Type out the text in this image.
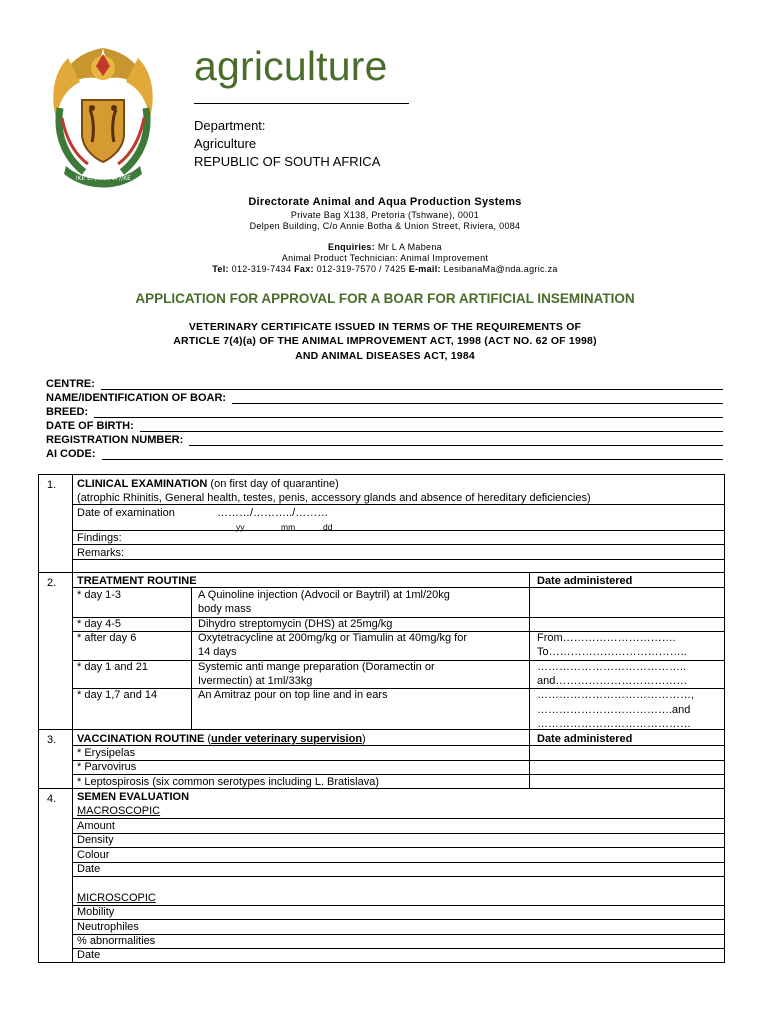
!KE E: /XARRA //KE
agriculture
Department:
Agriculture
REPUBLIC OF SOUTH AFRICA
Directorate Animal and Aqua Production Systems
Private Bag X138, Pretoria (Tshwane), 0001
Delpen Building, C/o Annie Botha & Union Street, Riviera, 0084
Enquiries: Mr L A Mabena
Animal Product Technician: Animal Improvement
Tel: 012-319-7434 Fax: 012-319-7570 / 7425 E-mail: LesibanaMa@nda.agric.za
APPLICATION FOR APPROVAL FOR A BOAR FOR ARTIFICIAL INSEMINATION
VETERINARY CERTIFICATE ISSUED IN TERMS OF THE REQUIREMENTS OF
ARTICLE 7(4)(a) OF THE ANIMAL IMPROVEMENT ACT, 1998 (ACT NO. 62 OF 1998)
AND ANIMAL DISEASES ACT, 1984
CENTRE:
NAME/IDENTIFICATION OF BOAR:
BREED:
DATE OF BIRTH:
REGISTRATION NUMBER:
AI CODE:
1. CLINICAL EXAMINATION (on first day of quarantine)
(atrophic Rhinitis, General health, testes, penis, accessory glands and absence of hereditary deficiencies)
Date of examination	………/………../………
yy	mm	dd
Findings:
Remarks:
2. TREATMENT ROUTINE	Date administered
* day 1-3	A Quinoline injection (Advocil or Baytril) at 1ml/20kg
body mass
* day 4-5	Dihydro streptomycin (DHS) at 25mg/kg
* after day 6	Oxytetracycline at 200mg/kg or Tiamulin at 40mg/kg for
14 days
From………………………….
To………………………………..
* day 1 and 21	Systemic anti mange preparation (Doramectin or
Ivermectin) at 1ml/33kg
…………………………………..
and………………………………
* day 1,7 and 14	An Amitraz pour on top line and in ears	……………………………………,
……………………………….and
……………………………………
3. VACCINATION ROUTINE (under veterinary supervision)	Date administered
* Erysipelas
* Parvovirus
* Leptospirosis (six common serotypes including L. Bratislava)
4. SEMEN EVALUATION
MACROSCOPIC
Amount
Density
Colour
Date
MICROSCOPIC
Mobility
Neutrophiles
% abnormalities
Date
